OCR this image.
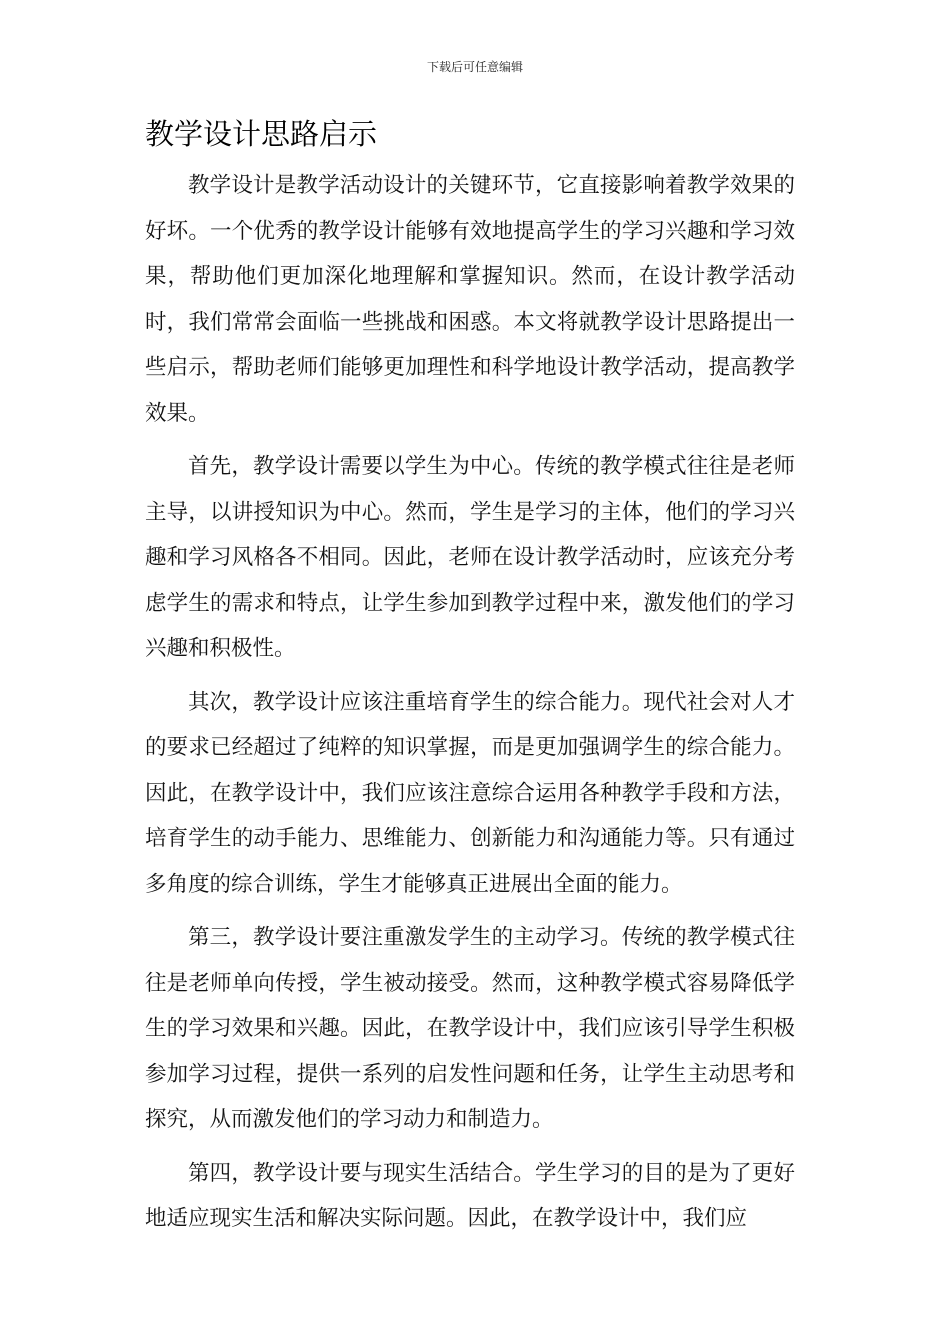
下载后可任意编辑
教学设计思路启示

教学设计是教学活动设计的关键环节，它直接影响着教学效果的好坏。一个优秀的教学设计能够有效地提高学生的学习兴趣和学习效果，帮助他们更加深化地理解和掌握知识。然而，在设计教学活动时，我们常常会面临一些挑战和困惑。本文将就教学设计思路提出一些启示，帮助老师们能够更加理性和科学地设计教学活动，提高教学效果。

首先，教学设计需要以学生为中心。传统的教学模式往往是老师主导，以讲授知识为中心。然而，学生是学习的主体，他们的学习兴趣和学习风格各不相同。因此，老师在设计教学活动时，应该充分考虑学生的需求和特点，让学生参加到教学过程中来，激发他们的学习兴趣和积极性。

其次，教学设计应该注重培育学生的综合能力。现代社会对人才的要求已经超过了纯粹的知识掌握，而是更加强调学生的综合能力。因此，在教学设计中，我们应该注意综合运用各种教学手段和方法，培育学生的动手能力、思维能力、创新能力和沟通能力等。只有通过多角度的综合训练，学生才能够真正进展出全面的能力。

第三，教学设计要注重激发学生的主动学习。传统的教学模式往往是老师单向传授，学生被动接受。然而，这种教学模式容易降低学生的学习效果和兴趣。因此，在教学设计中，我们应该引导学生积极参加学习过程，提供一系列的启发性问题和任务，让学生主动思考和探究，从而激发他们的学习动力和制造力。

第四，教学设计要与现实生活结合。学生学习的目的是为了更好地适应现实生活和解决实际问题。因此，在教学设计中，我们应
